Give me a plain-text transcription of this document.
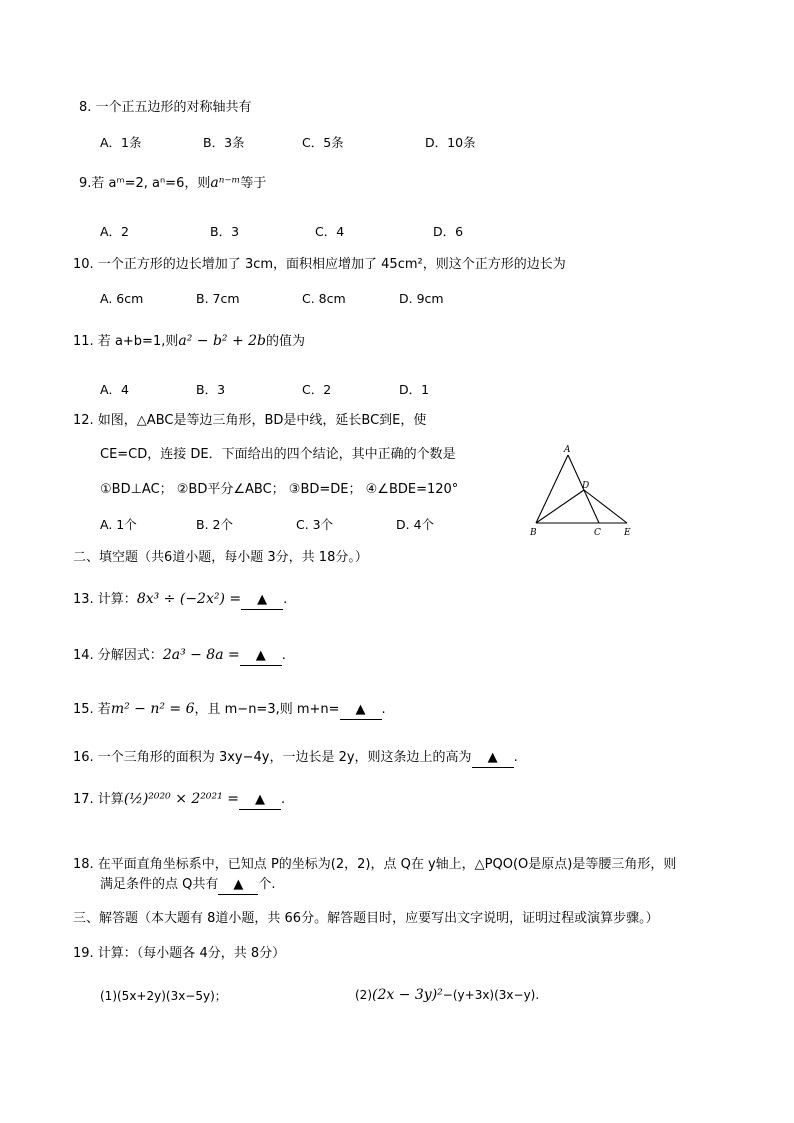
8. 一个正五边形的对称轴共有
A．1条	B．3条	C．5条	D．10条
9.若 aᵐ=2, aⁿ=6，则aⁿ⁻ᵐ等于
A．2	B．3	C．4	D．6
10. 一个正方形的边长增加了 3cm，面积相应增加了 45cm²，则这个正方形的边长为
A. 6cm	B. 7cm	C. 8cm	D. 9cm
11. 若 a+b=1,则a² − b² + 2b的值为
A．4	B．3	C．2	D．1
12. 如图，△ABC是等边三角形，BD是中线，延长BC到E，使
CE=CD，连接 DE．下面给出的四个结论，其中正确的个数是
①BD⊥AC； ②BD平分∠ABC； ③BD=DE； ④∠BDE=120°
A. 1个	B. 2个	C. 3个	D. 4个
A
B	C
D
E
二、填空题（共6道小题，每小题 3分，共 18分。）
13. 计算：8x³ ÷ (−2x²) = ▲ .
14. 分解因式：2a³ − 8a = ▲ .
15. 若m² − n² = 6，且 m−n=3,则 m+n= ▲ .
16. 一个三角形的面积为 3xy−4y，一边长是 2y，则这条边上的高为 ▲ .
17. 计算(½)²⁰²⁰ × 2²⁰²¹ = ▲ .
18. 在平面直角坐标系中，已知点 P的坐标为(2，2)，点 Q在 y轴上，△PQO(O是原点)是等腰三角形，则
满足条件的点 Q共有 ▲ 个.
三、解答题（本大题有 8道小题，共 66分。解答题目时，应要写出文字说明，证明过程或演算步骤。）
19. 计算：（每小题各 4分，共 8分）
(1)(5x+2y)(3x−5y)；	(2)(2x − 3y)²−(y+3x)(3x−y).
